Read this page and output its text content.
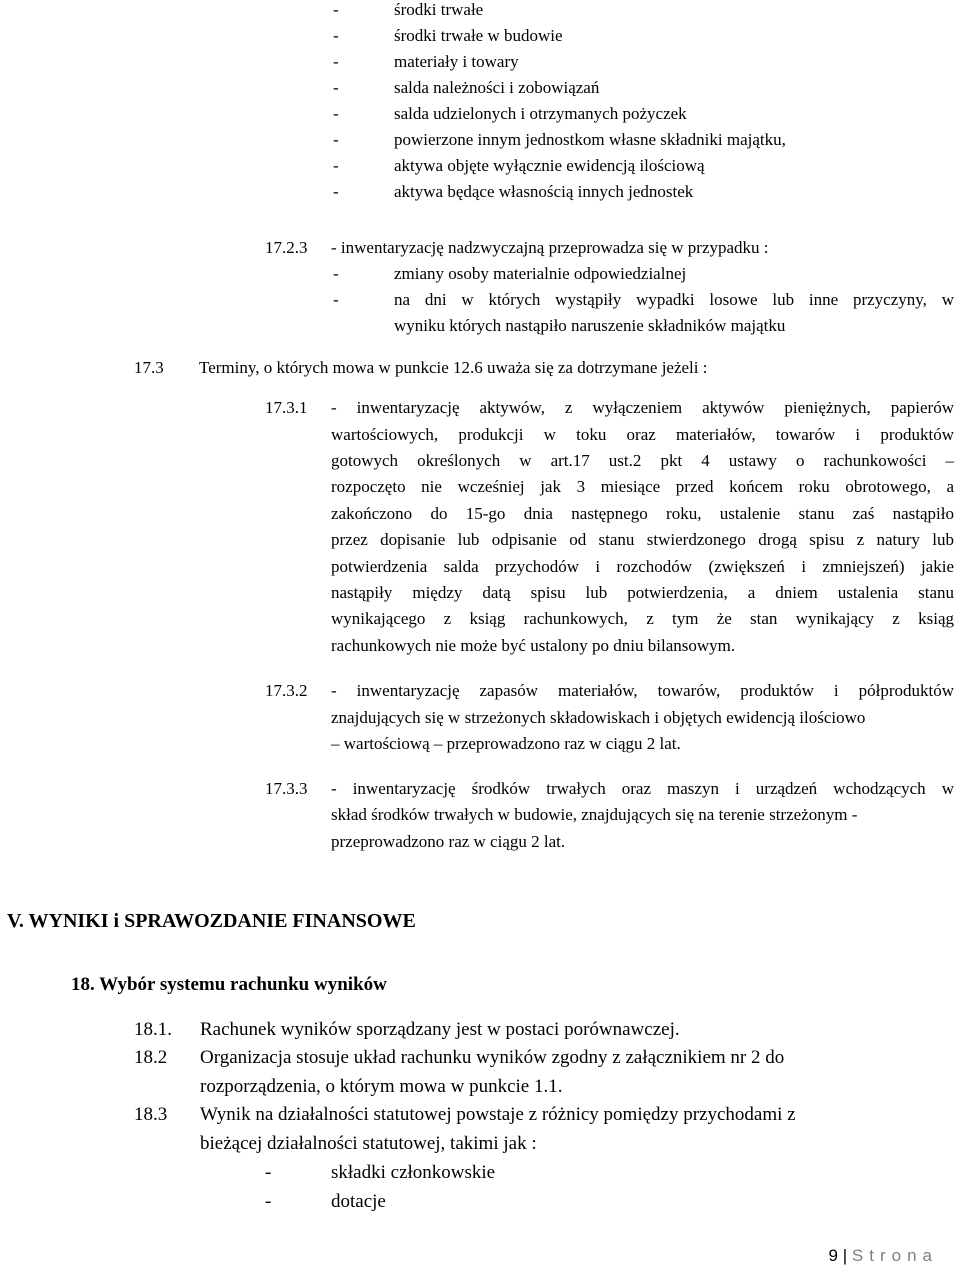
-	środki trwałe
-	środki trwałe w budowie
-	materiały i towary
-	salda należności i zobowiązań
-	salda udzielonych i otrzymanych pożyczek
-	powierzone innym jednostkom własne składniki majątku,
-	aktywa objęte wyłącznie ewidencją ilościową
-	aktywa będące własnością innych jednostek
17.2.3 - inwentaryzację nadzwyczajną przeprowadza się w przypadku :
-	zmiany osoby materialnie odpowiedzialnej
-	na dni w których wystąpiły wypadki losowe lub inne przyczyny, w
wyniku których nastąpiło naruszenie składników majątku
17.3 Terminy, o których mowa w punkcie 12.6 uważa się za dotrzymane jeżeli :
17.3.1 - inwentaryzację aktywów, z wyłączeniem aktywów pieniężnych, papierów
wartościowych, produkcji w toku oraz materiałów, towarów i produktów
gotowych określonych w art.17 ust.2 pkt 4 ustawy o rachunkowości –
rozpoczęto nie wcześniej jak 3 miesiące przed końcem roku obrotowego, a
zakończono do 15-go dnia następnego roku, ustalenie stanu zaś nastąpiło
przez dopisanie lub odpisanie od stanu stwierdzonego drogą spisu z natury lub
potwierdzenia salda przychodów i rozchodów (zwiększeń i zmniejszeń) jakie
nastąpiły między datą spisu lub potwierdzenia, a dniem ustalenia stanu
wynikającego z ksiąg rachunkowych, z tym że stan wynikający z ksiąg
rachunkowych nie może być ustalony po dniu bilansowym.
17.3.2 - inwentaryzację zapasów materiałów, towarów, produktów i półproduktów
znajdujących się w strzeżonych składowiskach i objętych ewidencją ilościowo
– wartościową – przeprowadzono raz w ciągu 2 lat.
17.3.3 - inwentaryzację środków trwałych oraz maszyn i urządzeń wchodzących w
skład środków trwałych w budowie, znajdujących się na terenie strzeżonym -
przeprowadzono raz w ciągu 2 lat.
V. WYNIKI i SPRAWOZDANIE FINANSOWE
18. Wybór systemu rachunku wyników
18.1. Rachunek wyników sporządzany jest w postaci porównawczej.
18.2 Organizacja stosuje układ rachunku wyników zgodny z załącznikiem nr 2 do
rozporządzenia, o którym mowa w punkcie 1.1.
18.3 Wynik na działalności statutowej powstaje z różnicy pomiędzy przychodami z
bieżącej działalności statutowej, takimi jak :
-	składki członkowskie
-	dotacje
9 | Strona
